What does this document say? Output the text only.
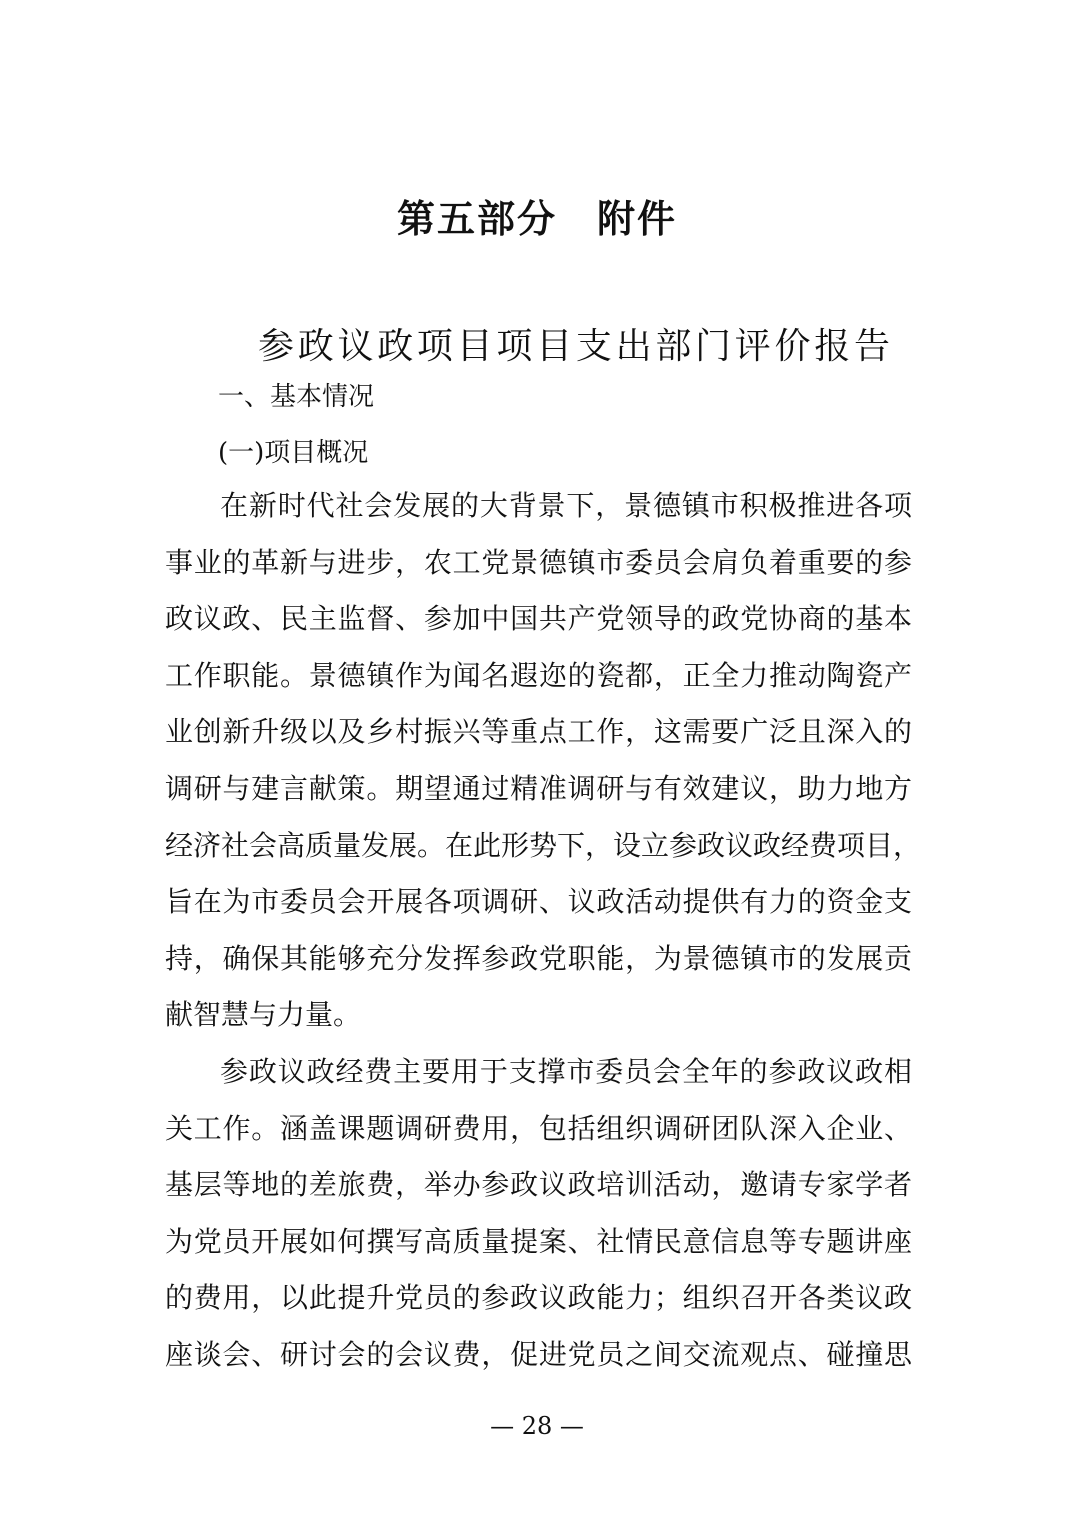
第五部分 附件
参政议政项目项目支出部门评价报告
一、基本情况
(一)项目概况
在新时代社会发展的大背景下，景德镇市积极推进各项
事业的革新与进步，农工党景德镇市委员会肩负着重要的参
政议政、民主监督、参加中国共产党领导的政党协商的基本
工作职能。景德镇作为闻名遐迩的瓷都，正全力推动陶瓷产
业创新升级以及乡村振兴等重点工作，这需要广泛且深入的
调研与建言献策。期望通过精准调研与有效建议，助力地方
经济社会高质量发展。在此形势下，设立参政议政经费项目，
旨在为市委员会开展各项调研、议政活动提供有力的资金支
持，确保其能够充分发挥参政党职能，为景德镇市的发展贡
献智慧与力量。
参政议政经费主要用于支撑市委员会全年的参政议政相
关工作。涵盖课题调研费用，包括组织调研团队深入企业、
基层等地的差旅费，举办参政议政培训活动，邀请专家学者
为党员开展如何撰写高质量提案、社情民意信息等专题讲座
的费用，以此提升党员的参政议政能力；组织召开各类议政
座谈会、研讨会的会议费，促进党员之间交流观点、碰撞思
— 28 —
